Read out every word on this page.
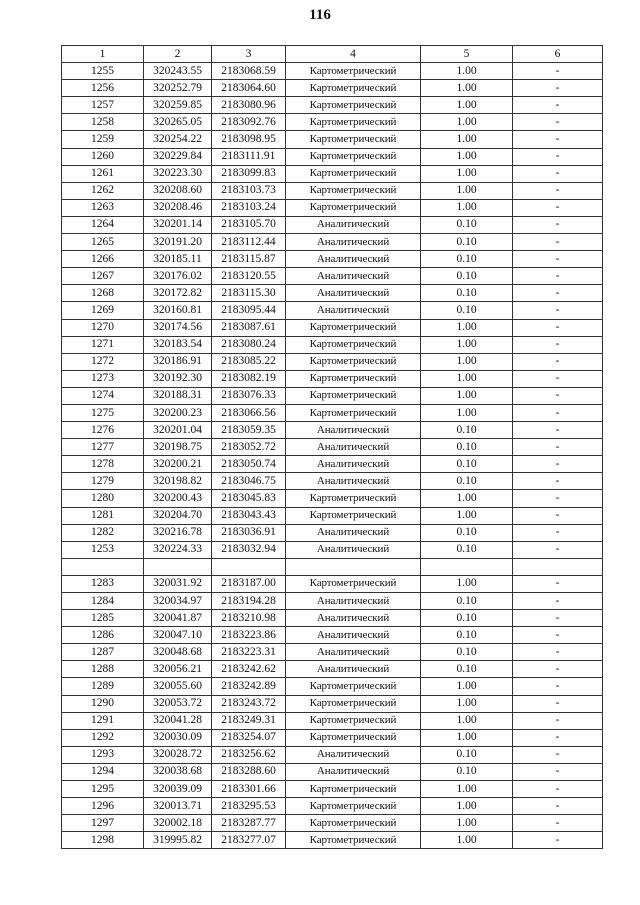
116
1	2	3	4	5	6
1255	320243.55	2183068.59	Картометрический	1.00	-
1256	320252.79	2183064.60	Картометрический	1.00	-
1257	320259.85	2183080.96	Картометрический	1.00	-
1258	320265.05	2183092.76	Картометрический	1.00	-
1259	320254.22	2183098.95	Картометрический	1.00	-
1260	320229.84	2183111.91	Картометрический	1.00	-
1261	320223.30	2183099.83	Картометрический	1.00	-
1262	320208.60	2183103.73	Картометрический	1.00	-
1263	320208.46	2183103.24	Картометрический	1.00	-
1264	320201.14	2183105.70	Аналитический	0.10	-
1265	320191.20	2183112.44	Аналитический	0.10	-
1266	320185.11	2183115.87	Аналитический	0.10	-
1267	320176.02	2183120.55	Аналитический	0.10	-
1268	320172.82	2183115.30	Аналитический	0.10	-
1269	320160.81	2183095.44	Аналитический	0.10	-
1270	320174.56	2183087.61	Картометрический	1.00	-
1271	320183.54	2183080.24	Картометрический	1.00	-
1272	320186.91	2183085.22	Картометрический	1.00	-
1273	320192.30	2183082.19	Картометрический	1.00	-
1274	320188.31	2183076.33	Картометрический	1.00	-
1275	320200.23	2183066.56	Картометрический	1.00	-
1276	320201.04	2183059.35	Аналитический	0.10	-
1277	320198.75	2183052.72	Аналитический	0.10	-
1278	320200.21	2183050.74	Аналитический	0.10	-
1279	320198.82	2183046.75	Аналитический	0.10	-
1280	320200.43	2183045.83	Картометрический	1.00	-
1281	320204.70	2183043.43	Картометрический	1.00	-
1282	320216.78	2183036.91	Аналитический	0.10	-
1253	320224.33	2183032.94	Аналитический	0.10	-

1283	320031.92	2183187.00	Картометрический	1.00	-
1284	320034.97	2183194.28	Аналитический	0.10	-
1285	320041.87	2183210.98	Аналитический	0.10	-
1286	320047.10	2183223.86	Аналитический	0.10	-
1287	320048.68	2183223.31	Аналитический	0.10	-
1288	320056.21	2183242.62	Аналитический	0.10	-
1289	320055.60	2183242.89	Картометрический	1.00	-
1290	320053.72	2183243.72	Картометрический	1.00	-
1291	320041.28	2183249.31	Картометрический	1.00	-
1292	320030.09	2183254.07	Картометрический	1.00	-
1293	320028.72	2183256.62	Аналитический	0.10	-
1294	320038.68	2183288.60	Аналитический	0.10	-
1295	320039.09	2183301.66	Картометрический	1.00	-
1296	320013.71	2183295.53	Картометрический	1.00	-
1297	320002.18	2183287.77	Картометрический	1.00	-
1298	319995.82	2183277.07	Картометрический	1.00	-
